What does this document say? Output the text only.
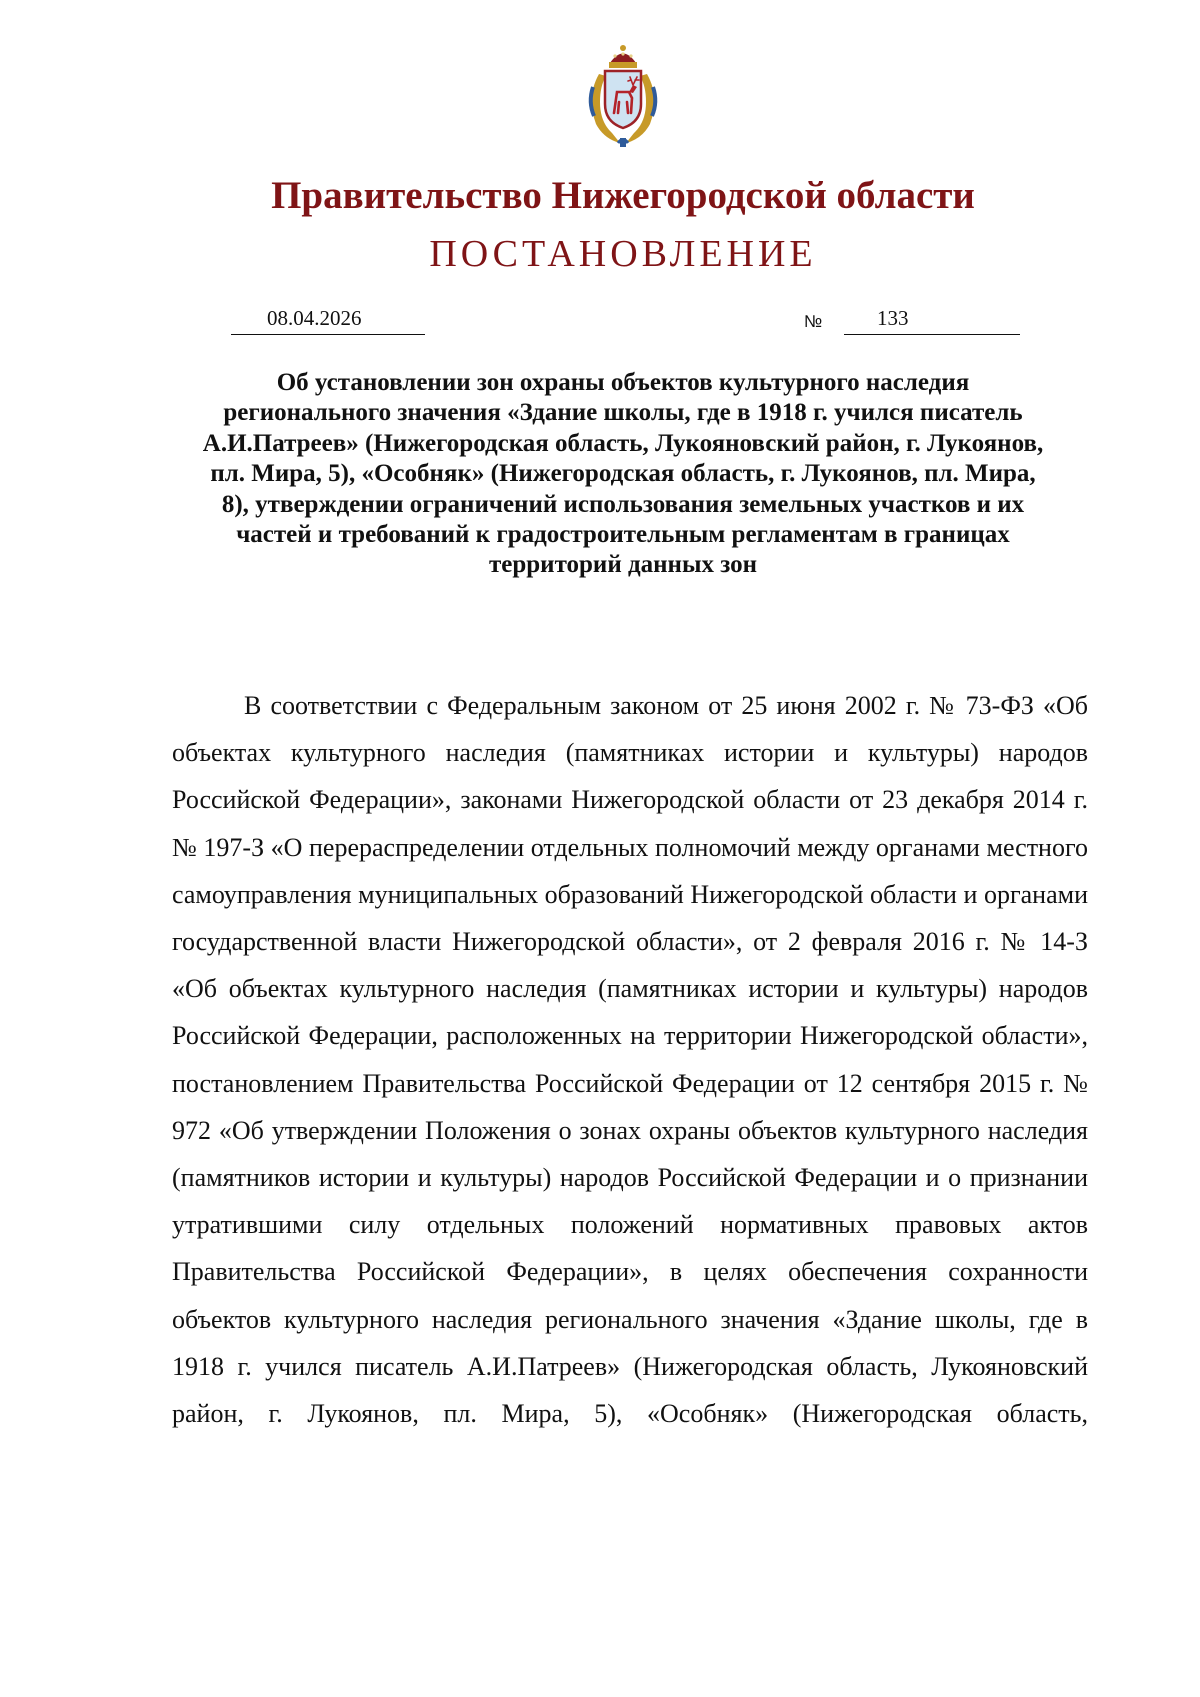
Правительство Нижегородской области
ПОСТАНОВЛЕНИЕ
08.04.2026	№	133

Об установлении зон охраны объектов культурного наследия регионального значения «Здание школы, где в 1918 г. учился писатель А.И.Патреев» (Нижегородская область, Лукояновский район, г. Лукоянов, пл. Мира, 5), «Особняк» (Нижегородская область, г. Лукоянов, пл. Мира, 8), утверждении ограничений использования земельных участков и их частей и требований к градостроительным регламентам в границах территорий данных зон

В соответствии с Федеральным законом от 25 июня 2002 г. № 73-ФЗ «Об объектах культурного наследия (памятниках истории и культуры) народов Российской Федерации», законами Нижегородской области от 23 декабря 2014 г. № 197-З «О перераспределении отдельных полномочий между органами местного самоуправления муниципальных образований Нижегородской области и органами государственной власти Нижегородской области», от 2 февраля 2016 г. № 14-З «Об объектах культурного наследия (памятниках истории и культуры) народов Российской Федерации, расположенных на территории Нижегородской области», постановлением Правительства Российской Федерации от 12 сентября 2015 г. № 972 «Об утверждении Положения о зонах охраны объектов культурного наследия (памятников истории и культуры) народов Российской Федерации и о признании утратившими силу отдельных положений нормативных правовых актов Правительства Российской Федерации», в целях обеспечения сохранности объектов культурного наследия регионального значения «Здание школы, где в 1918 г. учился писатель А.И.Патреев» (Нижегородская область, Лукояновский район, г. Лукоянов, пл. Мира, 5), «Особняк» (Нижегородская область,
